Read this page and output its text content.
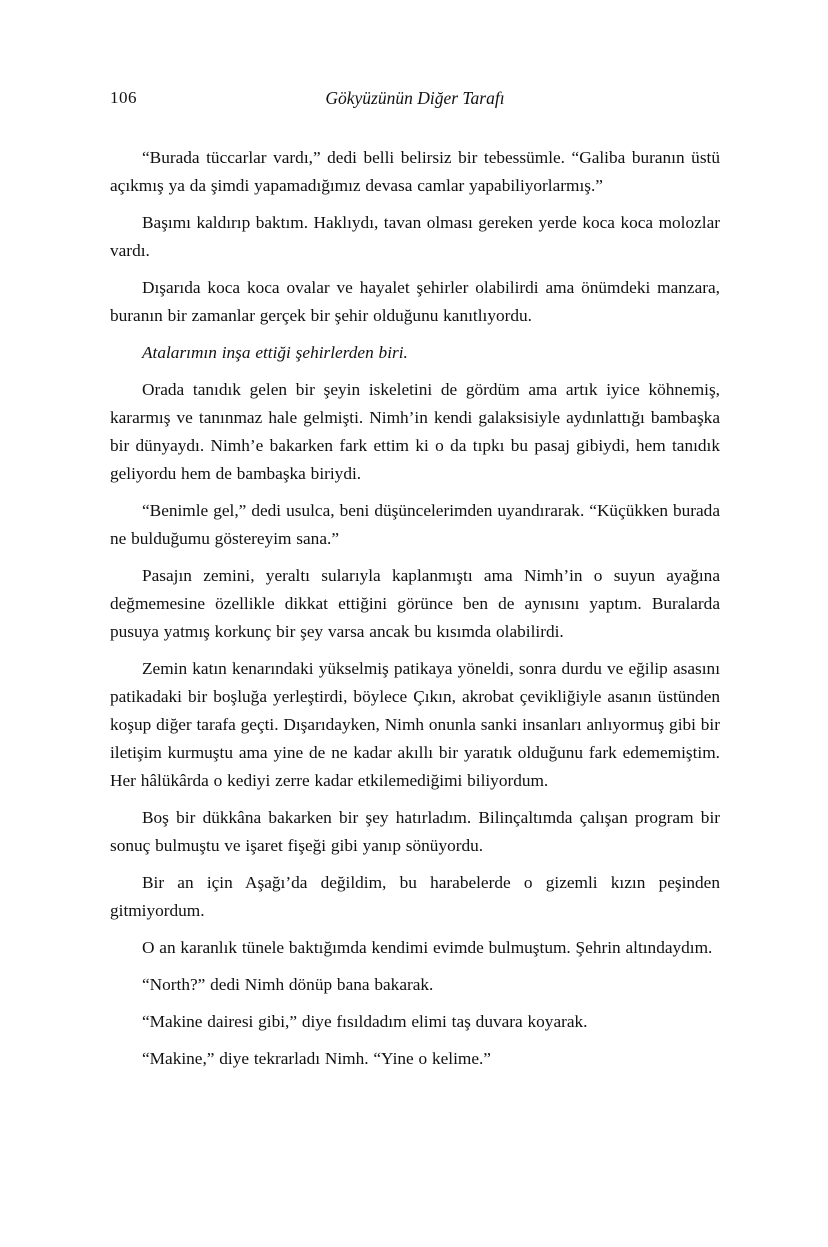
106	Gökyüzünün Diğer Tarafı

“Burada tüccarlar vardı,” dedi belli belirsiz bir tebessümle. “Galiba buranın üstü açıkmış ya da şimdi yapamadığımız devasa camlar yapabiliyorlarmış.”

Başımı kaldırıp baktım. Haklıydı, tavan olması gereken yerde koca koca molozlar vardı.

Dışarıda koca koca ovalar ve hayalet şehirler olabilirdi ama önümdeki manzara, buranın bir zamanlar gerçek bir şehir olduğunu kanıtlıyordu.

Atalarımın inşa ettiği şehirlerden biri.

Orada tanıdık gelen bir şeyin iskeletini de gördüm ama artık iyice köhnemiş, kararmış ve tanınmaz hale gelmişti. Nimh’in kendi galaksisiyle aydınlattığı bambaşka bir dünyaydı. Nimh’e bakarken fark ettim ki o da tıpkı bu pasaj gibiydi, hem tanıdık geliyordu hem de bambaşka biriydi.

“Benimle gel,” dedi usulca, beni düşüncelerimden uyandırarak. “Küçükken burada ne bulduğumu göstereyim sana.”

Pasajın zemini, yeraltı sularıyla kaplanmıştı ama Nimh’in o suyun ayağına değmemesine özellikle dikkat ettiğini görünce ben de aynısını yaptım. Buralarda pusuya yatmış korkunç bir şey varsa ancak bu kısımda olabilirdi.

Zemin katın kenarındaki yükselmiş patikaya yöneldi, sonra durdu ve eğilip asasını patikadaki bir boşluğa yerleştirdi, böylece Çıkın, akrobat çevikliğiyle asanın üstünden koşup diğer tarafa geçti. Dışarıdayken, Nimh onunla sanki insanları anlıyormuş gibi bir iletişim kurmuştu ama yine de ne kadar akıllı bir yaratık olduğunu fark edememiştim. Her hâlükârda o kediyi zerre kadar etkilemediğimi biliyordum.

Boş bir dükkâna bakarken bir şey hatırladım. Bilinçaltımda çalışan program bir sonuç bulmuştu ve işaret fişeği gibi yanıp sönüyordu.

Bir an için Aşağı’da değildim, bu harabelerde o gizemli kızın peşinden gitmiyordum.

O an karanlık tünele baktığımda kendimi evimde bulmuştum. Şehrin altındaydım.

“North?” dedi Nimh dönüp bana bakarak.

“Makine dairesi gibi,” diye fısıldadım elimi taş duvara koyarak.

“Makine,” diye tekrarladı Nimh. “Yine o kelime.”
